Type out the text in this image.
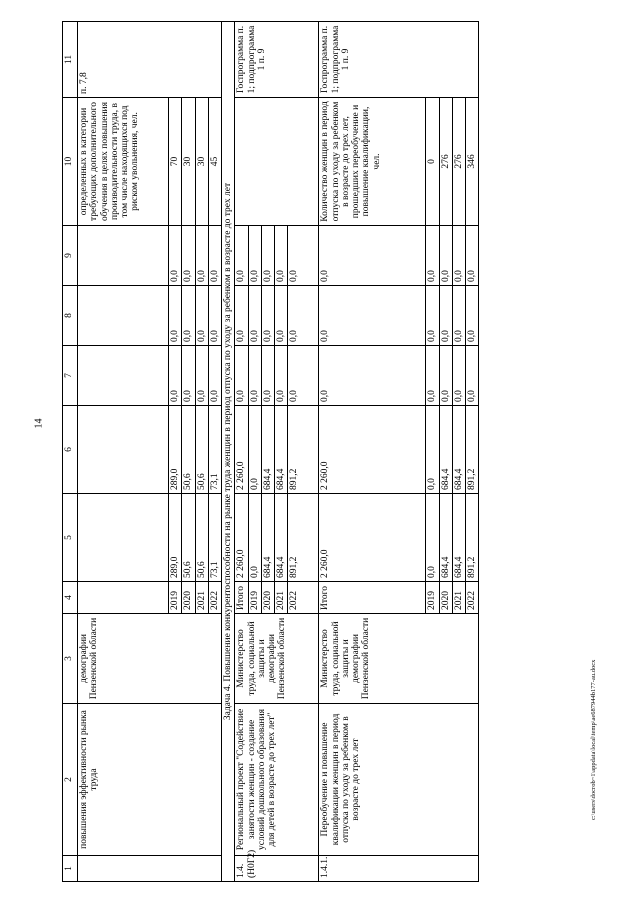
14
c:\users\docrob~1\appdata\local\temp\ae687944b177-au.docx
1	2	3	4	5	6	7	8	9	10	11
	повышения эффективности рынка труда	демографии Пензенской области							определенных в категории требующих дополнительного обучения в целях повышения производительности труда, в том числе находящихся под риском увольнения, чел.	п. 7,8
			2019	289,0	289,0	0,0	0,0	0,0	70	
			2020	50,6	50,6	0,0	0,0	0,0	30	
			2021	50,6	50,6	0,0	0,0	0,0	30	
			2022	73,1	73,1	0,0	0,0	0,0	45	
Задача 4. Повышение конкурентоспособности на рынке труда женщин в период отпуска по уходу за ребенком в возрасте до трех лет										
1.4. (Н0Г2)	Региональный проект "Содействие занятости женщин - создание условий дошкольного образования для детей в возрасте до трех лет"	Министерство труда, социальной защиты и демографии Пензенской области	Итого	2 260,0	2 260,0	0,0	0,0	0,0		Госпрограмма п. 1; подпрограмма 1 п. 9
			2019	0,0	0,0	0,0	0,0	0,0		
			2020	684,4	684,4	0,0	0,0	0,0		
			2021	684,4	684,4	0,0	0,0	0,0		
			2022	891,2	891,2	0,0	0,0	0,0		
1.4.1.	Переобучение и повышение квалификации женщин в период отпуска по уходу за ребенком в возрасте до трех лет	Министерство труда, социальной защиты и демографии Пензенской области	Итого	2 260,0	2 260,0	0,0	0,0	0,0	Количество женщин в период отпуска по уходу за ребенком в возрасте до трех лет, прошедших переобучение и повышение квалификации, чел.	Госпрограмма п. 1; подпрограмма 1 п. 9
			2019	0,0	0,0	0,0	0,0	0,0	0	
			2020	684,4	684,4	0,0	0,0	0,0	276	
			2021	684,4	684,4	0,0	0,0	0,0	276	
			2022	891,2	891,2	0,0	0,0	0,0	346	
